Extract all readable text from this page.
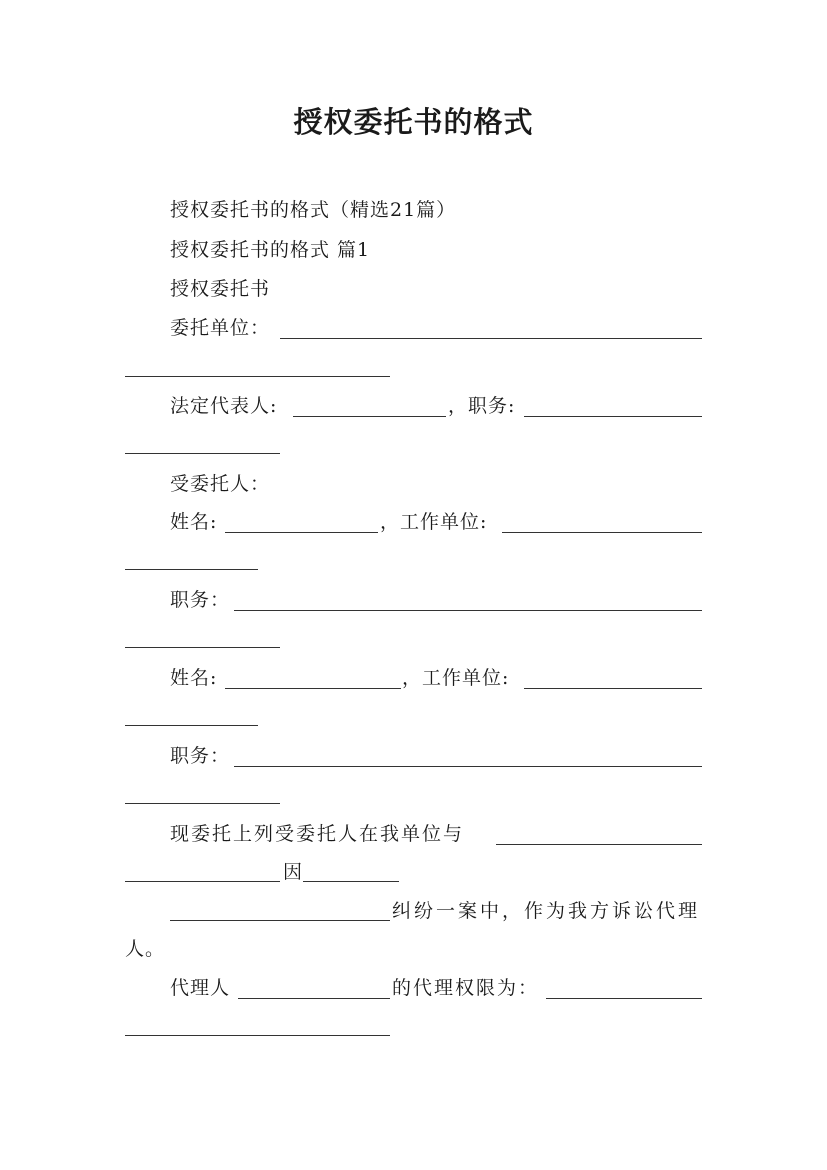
授权委托书的格式
授权委托书的格式（精选21篇）
授权委托书的格式 篇1
授权委托书
委托单位：
法定代表人:	，职务:
受委托人：
姓名:	，工作单位:
职务：
姓名:	，工作单位:
职务：
现委托上列受委托人在我单位与
因
纠纷一案中，作为我方诉讼代理
人。
代理人	的代理权限为：
